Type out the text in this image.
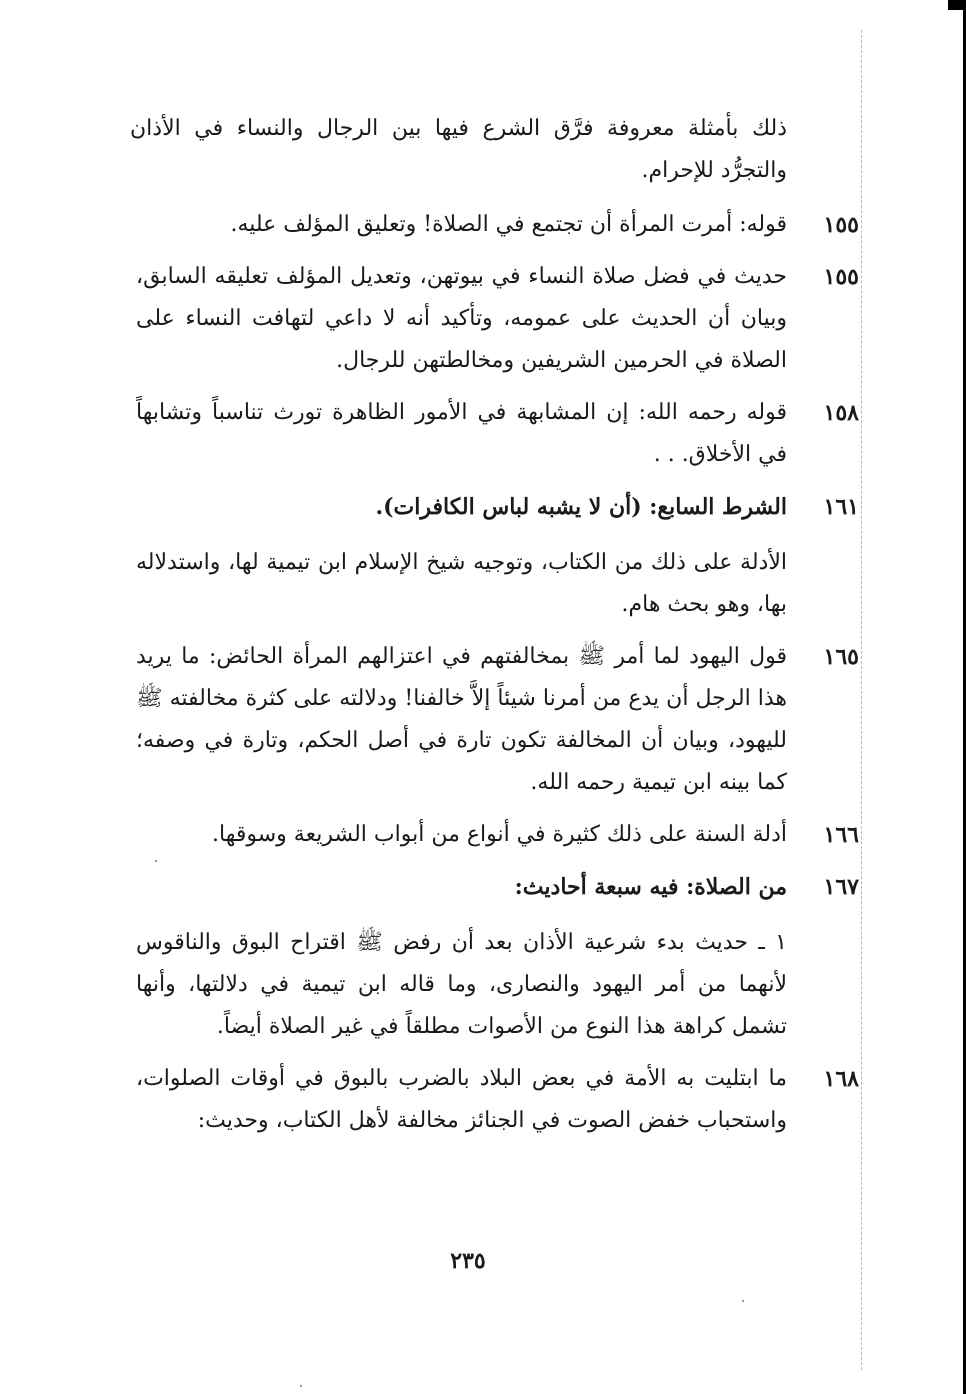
ذلك بأمثلة معروفة فرَّق الشرع فيها بين الرجال والنساء في الأذان والتجرُّد للإحرام.
١٥٥
قوله: أمرت المرأة أن تجتمع في الصلاة! وتعليق المؤلف عليه.
١٥٥
حديث في فضل صلاة النساء في بيوتهن، وتعديل المؤلف تعليقه السابق، وبيان أن الحديث على عمومه، وتأكيد أنه لا داعي لتهافت النساء على الصلاة في الحرمين الشريفين ومخالطتهن للرجال.
١٥٨
قوله رحمه الله: إن المشابهة في الأمور الظاهرة تورث تناسباً وتشابهاً في الأخلاق. . .
١٦١
الشرط السابع: (أن لا يشبه لباس الكافرات).
الأدلة على ذلك من الكتاب، وتوجيه شيخ الإسلام ابن تيمية لها، واستدلاله بها، وهو بحث هام.
١٦٥
قول اليهود لما أمر ﷺ بمخالفتهم في اعتزالهم المرأة الحائض: ما يريد هذا الرجل أن يدع من أمرنا شيئاً إلاَّ خالفنا! ودلالته على كثرة مخالفته ﷺ لليهود، وبيان أن المخالفة تكون تارة في أصل الحكم، وتارة في وصفه؛ كما بينه ابن تيمية رحمه الله.
١٦٦
أدلة السنة على ذلك كثيرة في أنواع من أبواب الشريعة وسوقها.
١٦٧
من الصلاة: فيه سبعة أحاديث:
١ ـ حديث بدء شرعية الأذان بعد أن رفض ﷺ اقتراح البوق والناقوس لأنهما من أمر اليهود والنصارى، وما قاله ابن تيمية في دلالتها، وأنها تشمل كراهة هذا النوع من الأصوات مطلقاً في غير الصلاة أيضاً.
١٦٨
ما ابتليت به الأمة في بعض البلاد بالضرب بالبوق في أوقات الصلوات، واستحباب خفض الصوت في الجنائز مخالفة لأهل الكتاب، وحديث:
٢٣٥
